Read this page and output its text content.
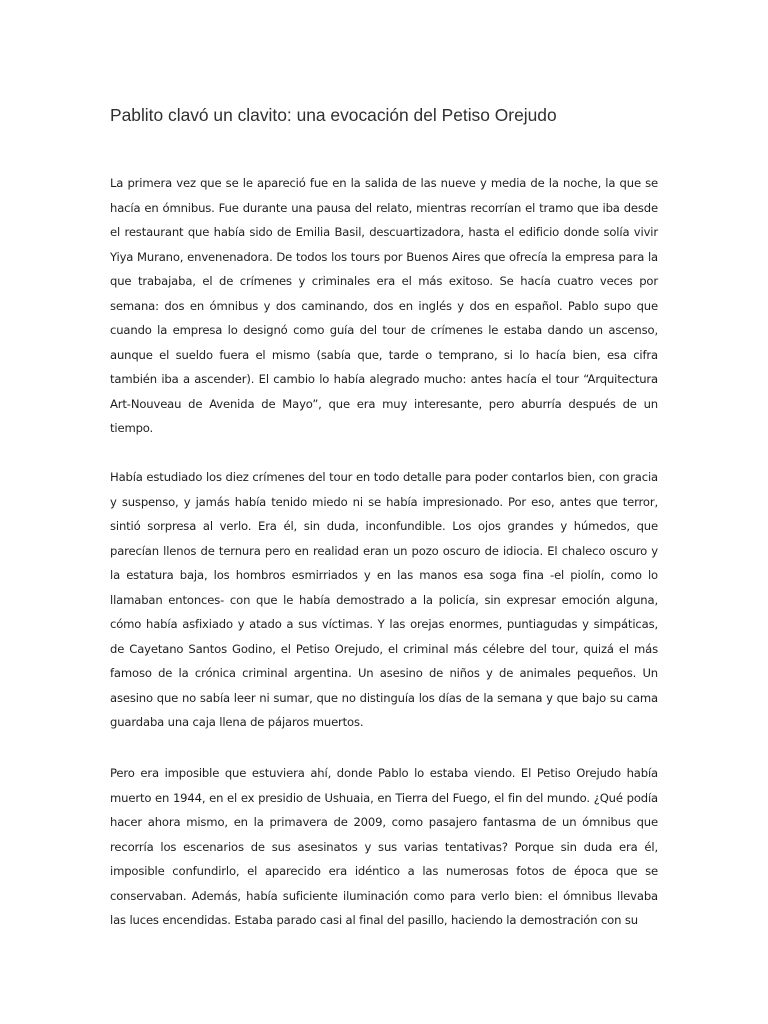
Pablito clavó un clavito: una evocación del Petiso Orejudo

La primera vez que se le apareció fue en la salida de las nueve y media de la noche, la que se hacía en ómnibus. Fue durante una pausa del relato, mientras recorrían el tramo que iba desde el restaurant que había sido de Emilia Basil, descuartizadora, hasta el edificio donde solía vivir Yiya Murano, envenenadora. De todos los tours por Buenos Aires que ofrecía la empresa para la que trabajaba, el de crímenes y criminales era el más exitoso. Se hacía cuatro veces por semana: dos en ómnibus y dos caminando, dos en inglés y dos en español. Pablo supo que cuando la empresa lo designó como guía del tour de crímenes le estaba dando un ascenso, aunque el sueldo fuera el mismo (sabía que, tarde o temprano, si lo hacía bien, esa cifra también iba a ascender). El cambio lo había alegrado mucho: antes hacía el tour “Arquitectura Art-Nouveau de Avenida de Mayo”, que era muy interesante, pero aburría después de un tiempo.

Había estudiado los diez crímenes del tour en todo detalle para poder contarlos bien, con gracia y suspenso, y jamás había tenido miedo ni se había impresionado. Por eso, antes que terror, sintió sorpresa al verlo. Era él, sin duda, inconfundible. Los ojos grandes y húmedos, que parecían llenos de ternura pero en realidad eran un pozo oscuro de idiocia. El chaleco oscuro y la estatura baja, los hombros esmirriados y en las manos esa soga fina -el piolín, como lo llamaban entonces- con que le había demostrado a la policía, sin expresar emoción alguna, cómo había asfixiado y atado a sus víctimas. Y las orejas enormes, puntiagudas y simpáticas, de Cayetano Santos Godino, el Petiso Orejudo, el criminal más célebre del tour, quizá el más famoso de la crónica criminal argentina. Un asesino de niños y de animales pequeños. Un asesino que no sabía leer ni sumar, que no distinguía los días de la semana y que bajo su cama guardaba una caja llena de pájaros muertos.

Pero era imposible que estuviera ahí, donde Pablo lo estaba viendo. El Petiso Orejudo había muerto en 1944, en el ex presidio de Ushuaia, en Tierra del Fuego, el fin del mundo. ¿Qué podía hacer ahora mismo, en la primavera de 2009, como pasajero fantasma de un ómnibus que recorría los escenarios de sus asesinatos y sus varias tentativas? Porque sin duda era él, imposible confundirlo, el aparecido era idéntico a las numerosas fotos de época que se conservaban. Además, había suficiente iluminación como para verlo bien: el ómnibus llevaba las luces encendidas. Estaba parado casi al final del pasillo, haciendo la demostración con su
